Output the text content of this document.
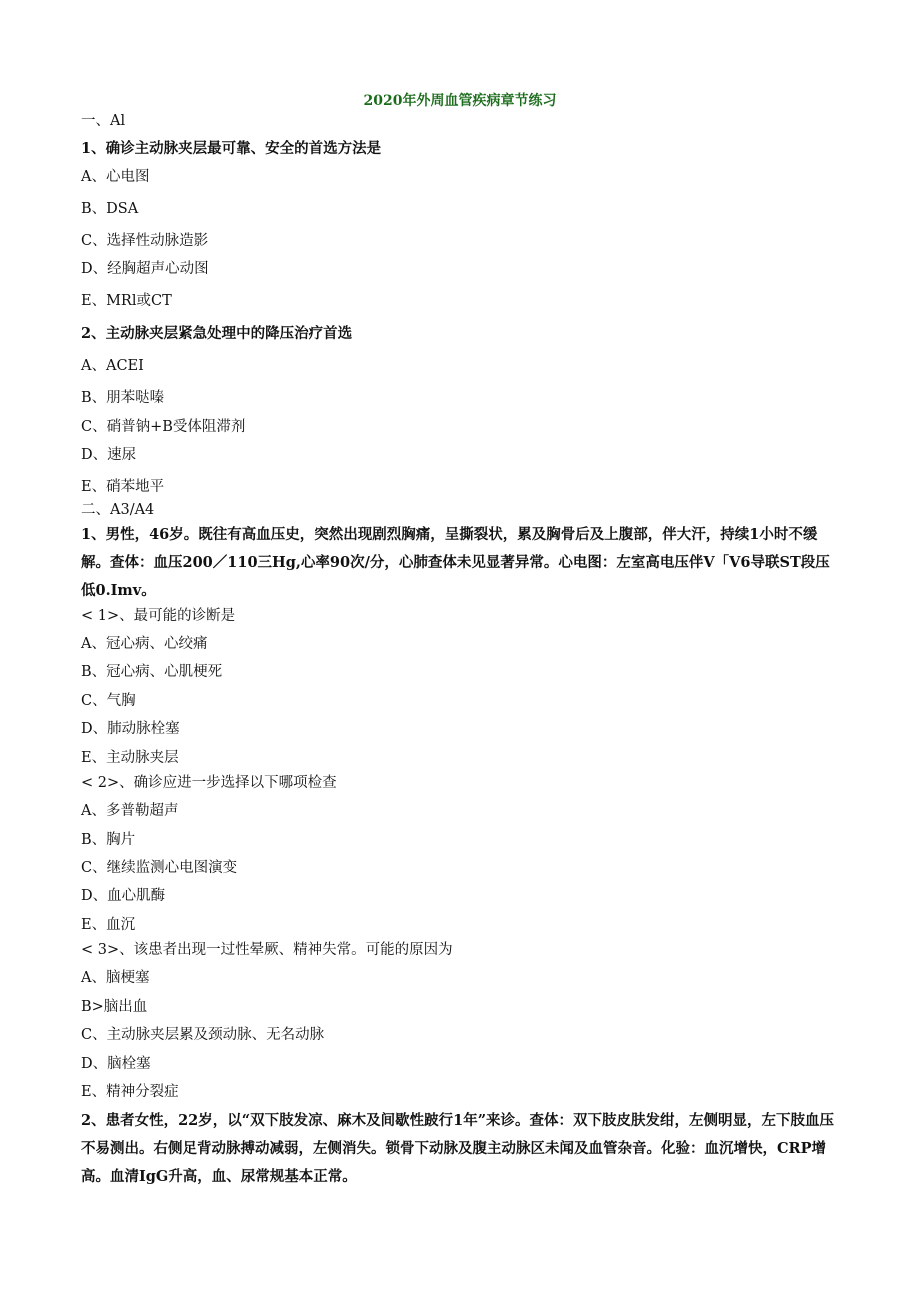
2020年外周血管疾病章节练习
一、Al
1、确诊主动脉夹层最可靠、安全的首选方法是
A、心电图
B、DSA
C、选择性动脉造影
D、经胸超声心动图
E、MRl或CT
2、主动脉夹层紧急处理中的降压治疗首选
A、ACEI
B、朋苯哒嗪
C、硝普钠+B受体阻滞剂
D、速尿
E、硝苯地平
二、A3/A4
1、男性，46岁。既往有高血压史，突然出现剧烈胸痛，呈撕裂状，累及胸骨后及上腹部，伴大汗，持续1小时不缓解。查体：血压200／110三Hg,心率90次/分，心肺查体未见显著异常。心电图：左室高电压伴V「V6导联ST段压低0.Imv。
< 1>、最可能的诊断是
A、冠心病、心绞痛
B、冠心病、心肌梗死
C、气胸
D、肺动脉栓塞
E、主动脉夹层
< 2>、确诊应进一步选择以下哪项检查
A、多普勒超声
B、胸片
C、继续监测心电图演变
D、血心肌酶
E、血沉
< 3>、该患者出现一过性晕厥、精神失常。可能的原因为
A、脑梗塞
B>脑出血
C、主动脉夹层累及颈动脉、无名动脉
D、脑栓塞
E、精神分裂症
2、患者女性，22岁，以“双下肢发凉、麻木及间歇性跛行1年”来诊。查体：双下肢皮肤发绀，左侧明显，左下肢血压不易测出。右侧足背动脉搏动减弱，左侧消失。锁骨下动脉及腹主动脉区未闻及血管杂音。化验：血沉增快，CRP增高。血清IgG升高，血、尿常规基本正常。
